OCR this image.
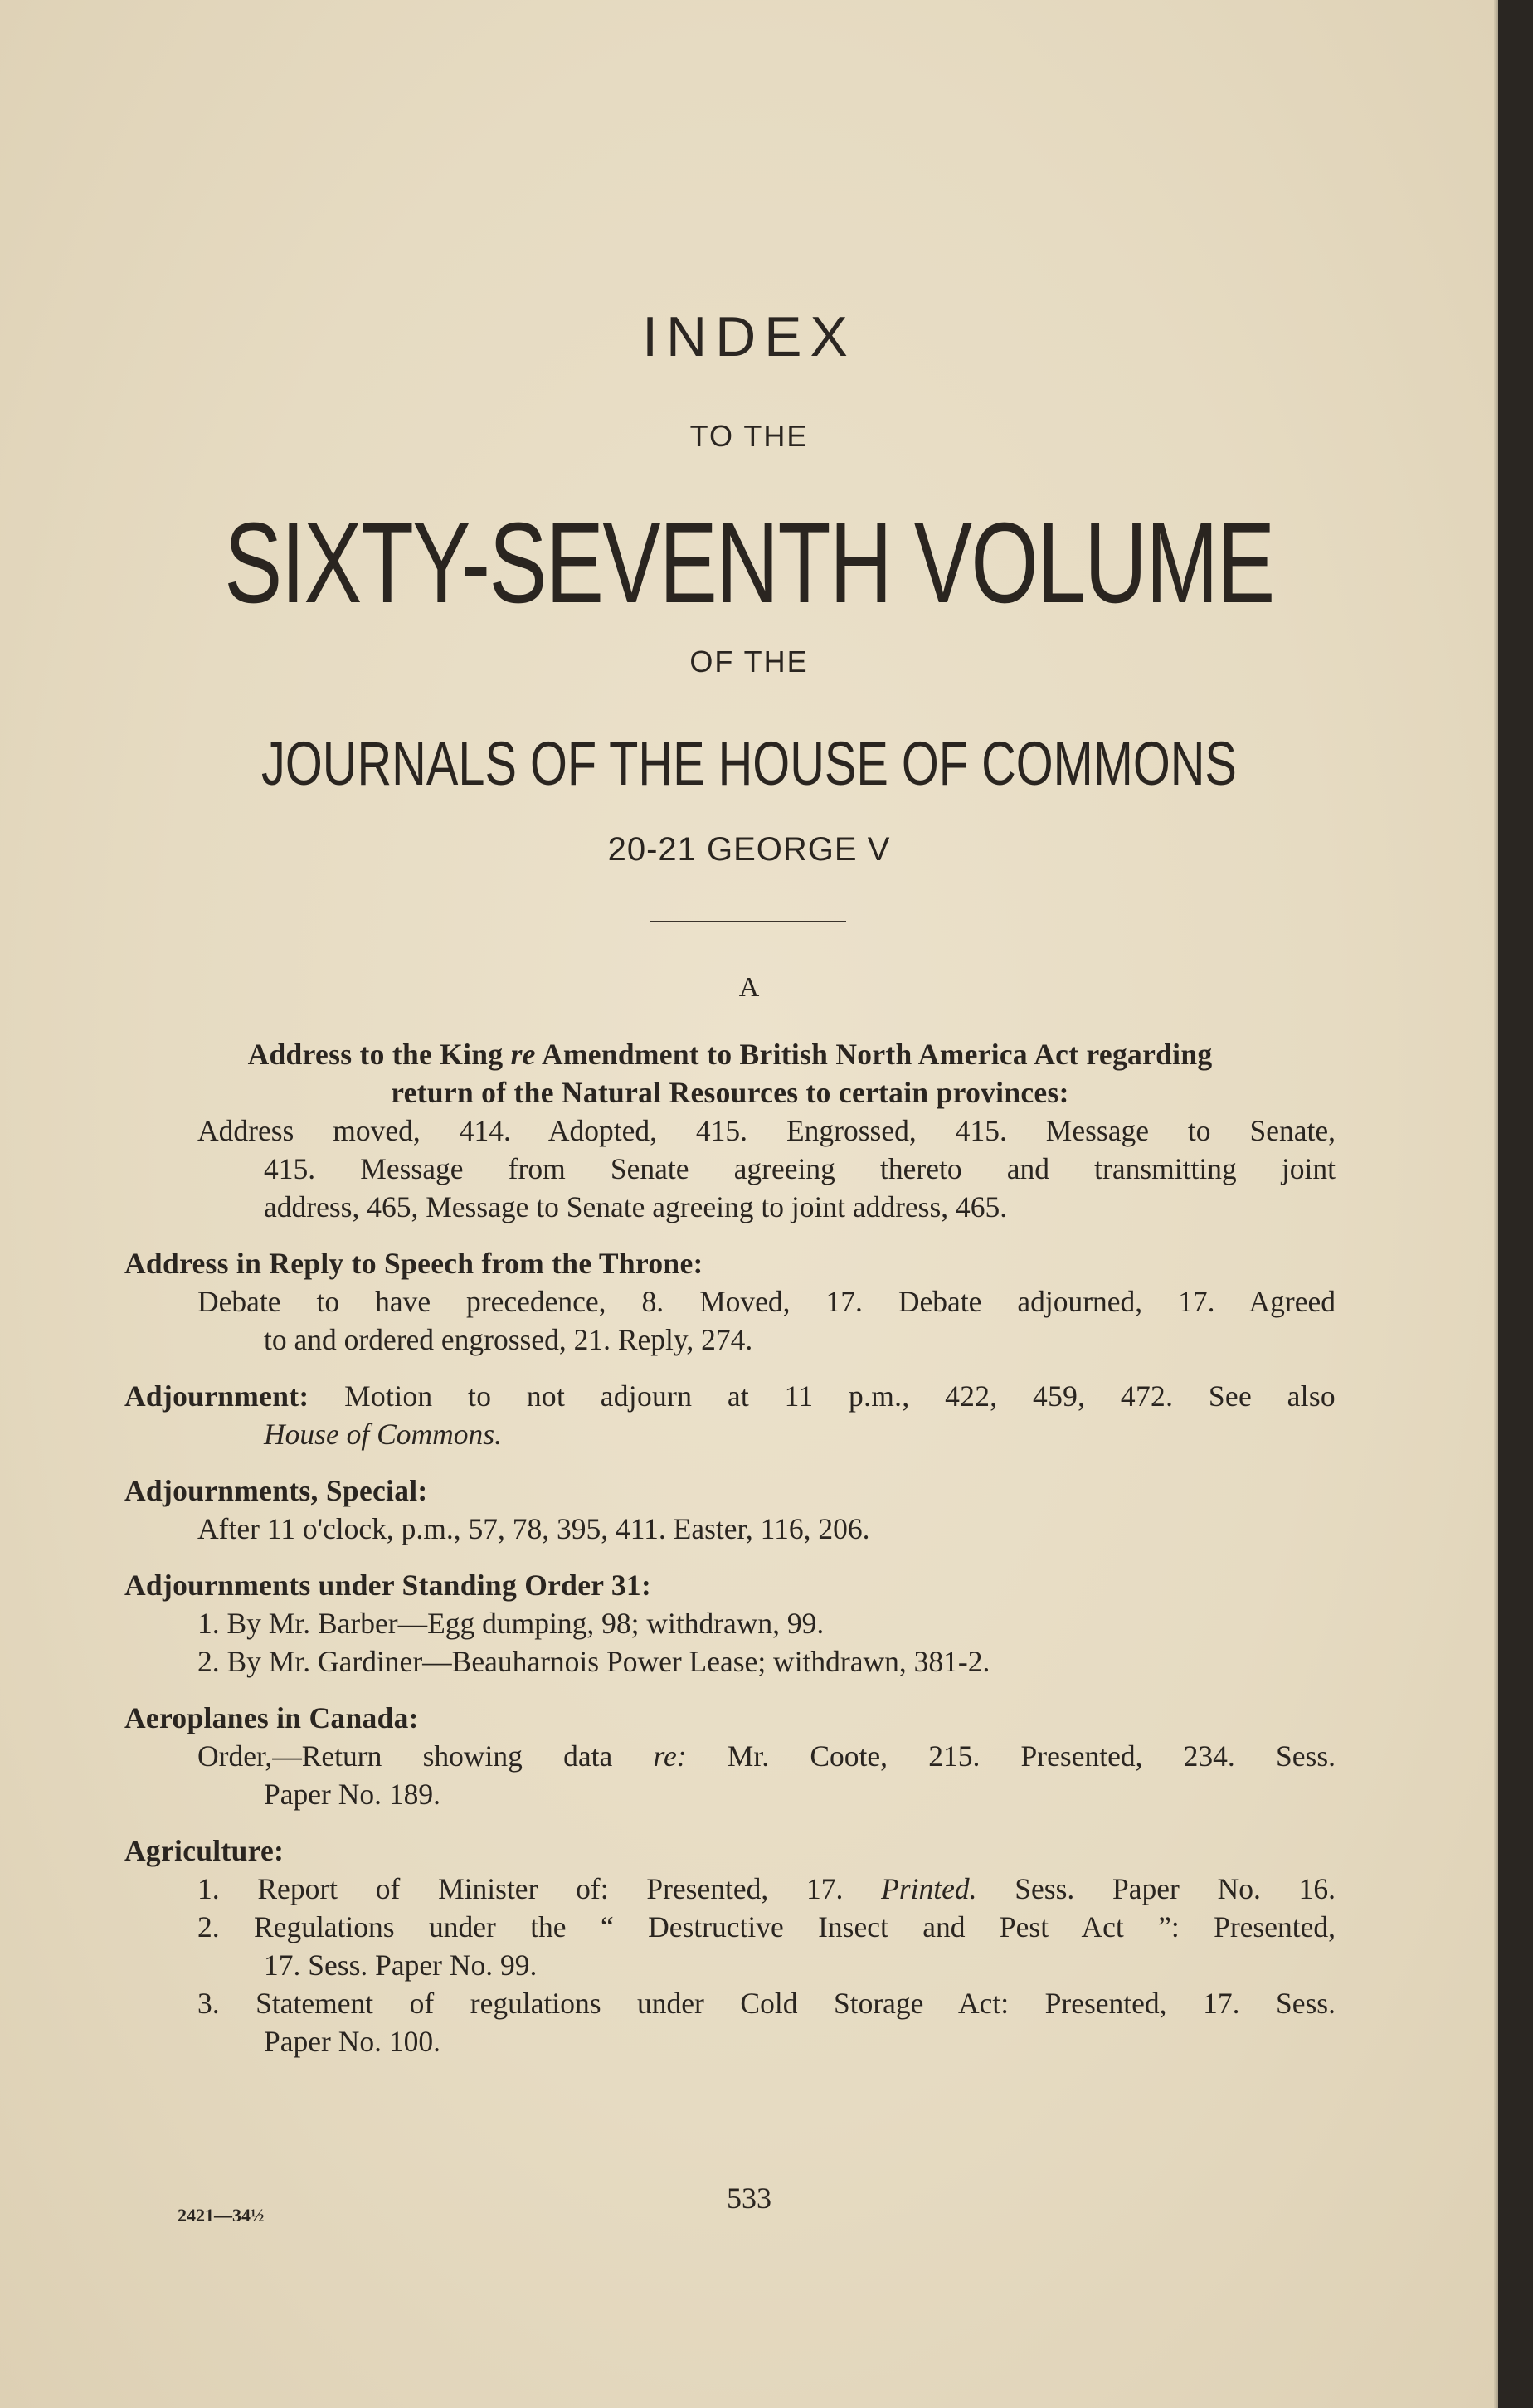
INDEX
TO THE
SIXTY-SEVENTH VOLUME
OF THE
JOURNALS OF THE HOUSE OF COMMONS
20-21 GEORGE V
A
Address to the King re Amendment to British North America Act regarding
return of the Natural Resources to certain provinces:
Address moved, 414. Adopted, 415. Engrossed, 415. Message to Senate,
415. Message from Senate agreeing thereto and transmitting joint
address, 465, Message to Senate agreeing to joint address, 465.
Address in Reply to Speech from the Throne:
Debate to have precedence, 8. Moved, 17. Debate adjourned, 17. Agreed
to and ordered engrossed, 21. Reply, 274.
Adjournment: Motion to not adjourn at 11 p.m., 422, 459, 472. See also
House of Commons.
Adjournments, Special:
After 11 o'clock, p.m., 57, 78, 395, 411. Easter, 116, 206.
Adjournments under Standing Order 31:
1. By Mr. Barber—Egg dumping, 98; withdrawn, 99.
2. By Mr. Gardiner—Beauharnois Power Lease; withdrawn, 381-2.
Aeroplanes in Canada:
Order,—Return showing data re: Mr. Coote, 215. Presented, 234. Sess.
Paper No. 189.
Agriculture:
1. Report of Minister of: Presented, 17. Printed. Sess. Paper No. 16.
2. Regulations under the “ Destructive Insect and Pest Act ”: Presented,
17. Sess. Paper No. 99.
3. Statement of regulations under Cold Storage Act: Presented, 17. Sess.
Paper No. 100.
533
2421—34½
